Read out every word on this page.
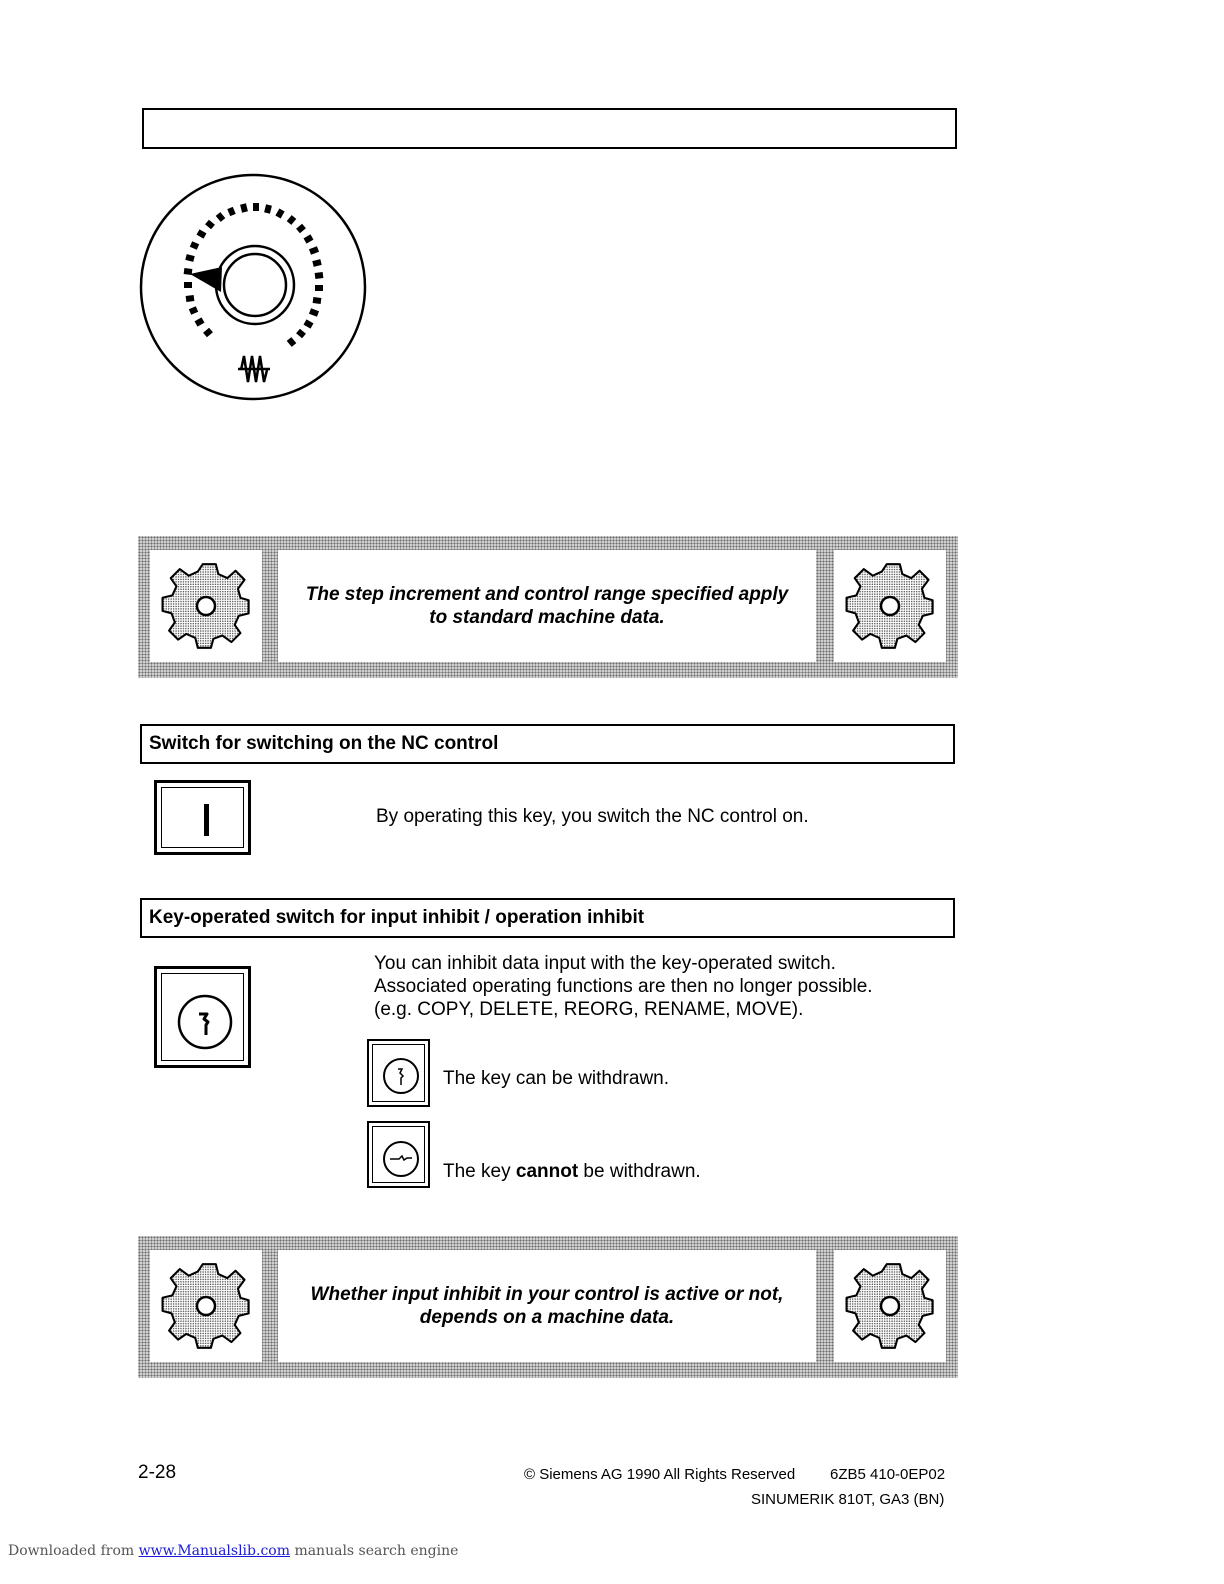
The step increment and control range specified apply
to standard machine data.

Switch for switching on the NC control
By operating this key, you switch the NC control on.
Key-operated switch for input inhibit / operation inhibit
You can inhibit data input with the key-operated switch.
Associated operating functions are then no longer possible.
(e.g. COPY, DELETE, REORG, RENAME, MOVE).
The key can be withdrawn.
The key cannot be withdrawn.

Whether input inhibit in your control is active or not,
depends on a machine data.

2-28	© Siemens AG 1990 All Rights Reserved 6ZB5 410-0EP02
SINUMERIK 810T, GA3 (BN)
Downloaded from www.Manualslib.com manuals search engine
